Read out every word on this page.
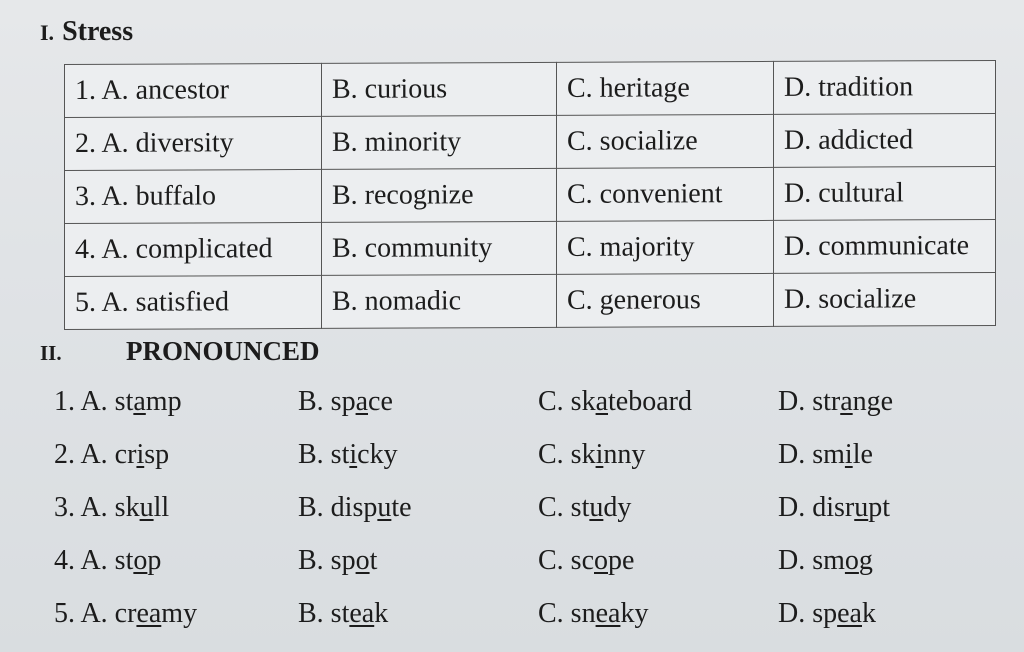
I. Stress
1. A. ancestor	B. curious	C. heritage	D. tradition
2. A. diversity	B. minority	C. socialize	D. addicted
3. A. buffalo	B. recognize	C. convenient	D. cultural
4. A. complicated	B. community	C. majority	D. communicate
5. A. satisfied	B. nomadic	C. generous	D. socialize
II. PRONOUNCED
1. A. stamp	B. space	C. skateboard	D. strange
2. A. crisp	B. sticky	C. skinny	D. smile
3. A. skull	B. dispute	C. study	D. disrupt
4. A. stop	B. spot	C. scope	D. smog
5. A. creamy	B. steak	C. sneaky	D. speak
